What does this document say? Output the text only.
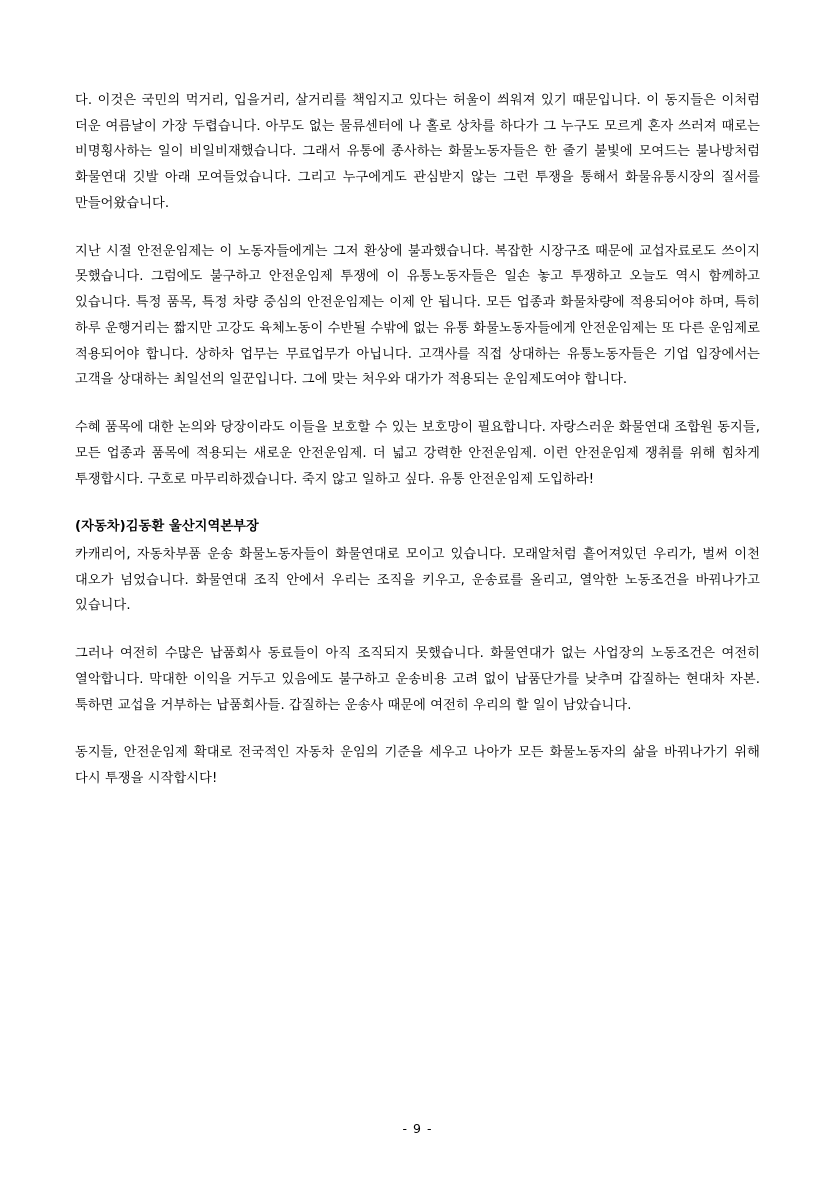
다. 이것은 국민의 먹거리, 입을거리, 살거리를 책임지고 있다는 허울이 씌워져 있기 때문입니다. 이 동지들은 이처럼 더운 여름날이 가장 두렵습니다. 아무도 없는 물류센터에 나 홀로 상차를 하다가 그 누구도 모르게 혼자 쓰러져 때로는 비명횡사하는 일이 비일비재했습니다. 그래서 유통에 종사하는 화물노동자들은 한 줄기 불빛에 모여드는 불나방처럼 화물연대 깃발 아래 모여들었습니다. 그리고 누구에게도 관심받지 않는 그런 투쟁을 통해서 화물유통시장의 질서를 만들어왔습니다.

지난 시절 안전운임제는 이 노동자들에게는 그저 환상에 불과했습니다. 복잡한 시장구조 때문에 교섭자료로도 쓰이지 못했습니다. 그럼에도 불구하고 안전운임제 투쟁에 이 유통노동자들은 일손 놓고 투쟁하고 오늘도 역시 함께하고 있습니다. 특정 품목, 특정 차량 중심의 안전운임제는 이제 안 됩니다. 모든 업종과 화물차량에 적용되어야 하며, 특히 하루 운행거리는 짧지만 고강도 육체노동이 수반될 수밖에 없는 유통 화물노동자들에게 안전운임제는 또 다른 운임제로 적용되어야 합니다. 상하차 업무는 무료업무가 아닙니다. 고객사를 직접 상대하는 유통노동자들은 기업 입장에서는 고객을 상대하는 최일선의 일꾼입니다. 그에 맞는 처우와 대가가 적용되는 운임제도여야 합니다.

수혜 품목에 대한 논의와 당장이라도 이들을 보호할 수 있는 보호망이 필요합니다. 자랑스러운 화물연대 조합원 동지들, 모든 업종과 품목에 적용되는 새로운 안전운임제. 더 넓고 강력한 안전운임제. 이런 안전운임제 쟁취를 위해 힘차게 투쟁합시다. 구호로 마무리하겠습니다. 죽지 않고 일하고 싶다. 유통 안전운임제 도입하라!

(자동차)김동환 울산지역본부장

카캐리어, 자동차부품 운송 화물노동자들이 화물연대로 모이고 있습니다. 모래알처럼 흩어져있던 우리가, 벌써 이천 대오가 넘었습니다. 화물연대 조직 안에서 우리는 조직을 키우고, 운송료를 올리고, 열악한 노동조건을 바꿔나가고 있습니다.

그러나 여전히 수많은 납품회사 동료들이 아직 조직되지 못했습니다. 화물연대가 없는 사업장의 노동조건은 여전히 열악합니다. 막대한 이익을 거두고 있음에도 불구하고 운송비용 고려 없이 납품단가를 낮추며 갑질하는 현대차 자본. 툭하면 교섭을 거부하는 납품회사들. 갑질하는 운송사 때문에 여전히 우리의 할 일이 남았습니다.

동지들, 안전운임제 확대로 전국적인 자동차 운임의 기준을 세우고 나아가 모든 화물노동자의 삶을 바꿔나가기 위해 다시 투쟁을 시작합시다!

- 9 -
